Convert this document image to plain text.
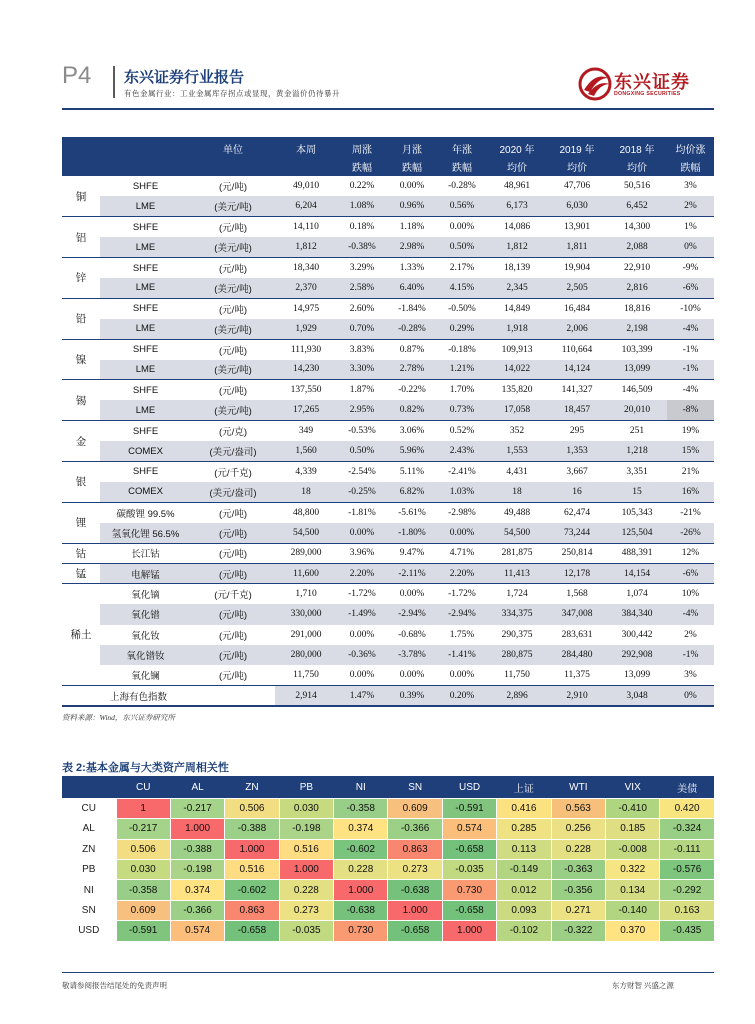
P4 东兴证券行业报告
有色金属行业：工业金属库存拐点或显现，黄金溢价仍待暴升
东兴证券
DONGXING SECURITIES
		单位	本周	周涨	月涨	年涨	2020 年	2019 年	2018 年	均价涨
				跌幅	跌幅	跌幅	均价	均价	均价	跌幅
铜	SHFE	(元/吨)	49,010	0.22%	0.00%	-0.28%	48,961	47,706	50,516	3%
	LME	(美元/吨)	6,204	1.08%	0.96%	0.56%	6,173	6,030	6,452	2%
铝	SHFE	(元/吨)	14,110	0.18%	1.18%	0.00%	14,086	13,901	14,300	1%
	LME	(美元/吨)	1,812	-0.38%	2.98%	0.50%	1,812	1,811	2,088	0%
锌	SHFE	(元/吨)	18,340	3.29%	1.33%	2.17%	18,139	19,904	22,910	-9%
	LME	(美元/吨)	2,370	2.58%	6.40%	4.15%	2,345	2,505	2,816	-6%
铅	SHFE	(元/吨)	14,975	2.60%	-1.84%	-0.50%	14,849	16,484	18,816	-10%
	LME	(美元/吨)	1,929	0.70%	-0.28%	0.29%	1,918	2,006	2,198	-4%
镍	SHFE	(元/吨)	111,930	3.83%	0.87%	-0.18%	109,913	110,664	103,399	-1%
	LME	(美元/吨)	14,230	3.30%	2.78%	1.21%	14,022	14,124	13,099	-1%
锡	SHFE	(元/吨)	137,550	1.87%	-0.22%	1.70%	135,820	141,327	146,509	-4%
	LME	(美元/吨)	17,265	2.95%	0.82%	0.73%	17,058	18,457	20,010	-8%
金	SHFE	(元/克)	349	-0.53%	3.06%	0.52%	352	295	251	19%
	COMEX	(美元/盎司)	1,560	0.50%	5.96%	2.43%	1,553	1,353	1,218	15%
银	SHFE	(元/千克)	4,339	-2.54%	5.11%	-2.41%	4,431	3,667	3,351	21%
	COMEX	(美元/盎司)	18	-0.25%	6.82%	1.03%	18	16	15	16%
锂	碳酸锂 99.5%	(元/吨)	48,800	-1.81%	-5.61%	-2.98%	49,488	62,474	105,343	-21%
	氢氧化锂 56.5%	(元/吨)	54,500	0.00%	-1.80%	0.00%	54,500	73,244	125,504	-26%
钴	长江钴	(元/吨)	289,000	3.96%	9.47%	4.71%	281,875	250,814	488,391	12%
锰	电解锰	(元/吨)	11,600	2.20%	-2.11%	2.20%	11,413	12,178	14,154	-6%
稀土	氧化镝	(元/千克)	1,710	-1.72%	0.00%	-1.72%	1,724	1,568	1,074	10%
	氧化镨	(元/吨)	330,000	-1.49%	-2.94%	-2.94%	334,375	347,008	384,340	-4%
	氧化钕	(元/吨)	291,000	0.00%	-0.68%	1.75%	290,375	283,631	300,442	2%
	氧化镨钕	(元/吨)	280,000	-0.36%	-3.78%	-1.41%	280,875	284,480	292,908	-1%
	氧化镧	(元/吨)	11,750	0.00%	0.00%	0.00%	11,750	11,375	13,099	3%
	上海有色指数		2,914	1.47%	0.39%	0.20%	2,896	2,910	3,048	0%
资料来源：Wind，东兴证券研究所
表 2:基本金属与大类资产周相关性
	CU	AL	ZN	PB	NI	SN	USD	上证	WTI	VIX	美债
CU	1	-0.217	0.506	0.030	-0.358	0.609	-0.591	0.416	0.563	-0.410	0.420
AL	-0.217	1.000	-0.388	-0.198	0.374	-0.366	0.574	0.285	0.256	0.185	-0.324
ZN	0.506	-0.388	1.000	0.516	-0.602	0.863	-0.658	0.113	0.228	-0.008	-0.111
PB	0.030	-0.198	0.516	1.000	0.228	0.273	-0.035	-0.149	-0.363	0.322	-0.576
NI	-0.358	0.374	-0.602	0.228	1.000	-0.638	0.730	0.012	-0.356	0.134	-0.292
SN	0.609	-0.366	0.863	0.273	-0.638	1.000	-0.658	0.093	0.271	-0.140	0.163
USD	-0.591	0.574	-0.658	-0.035	0.730	-0.658	1.000	-0.102	-0.322	0.370	-0.435
敬请参阅报告结尾处的免责声明	东方财智 兴盛之源
